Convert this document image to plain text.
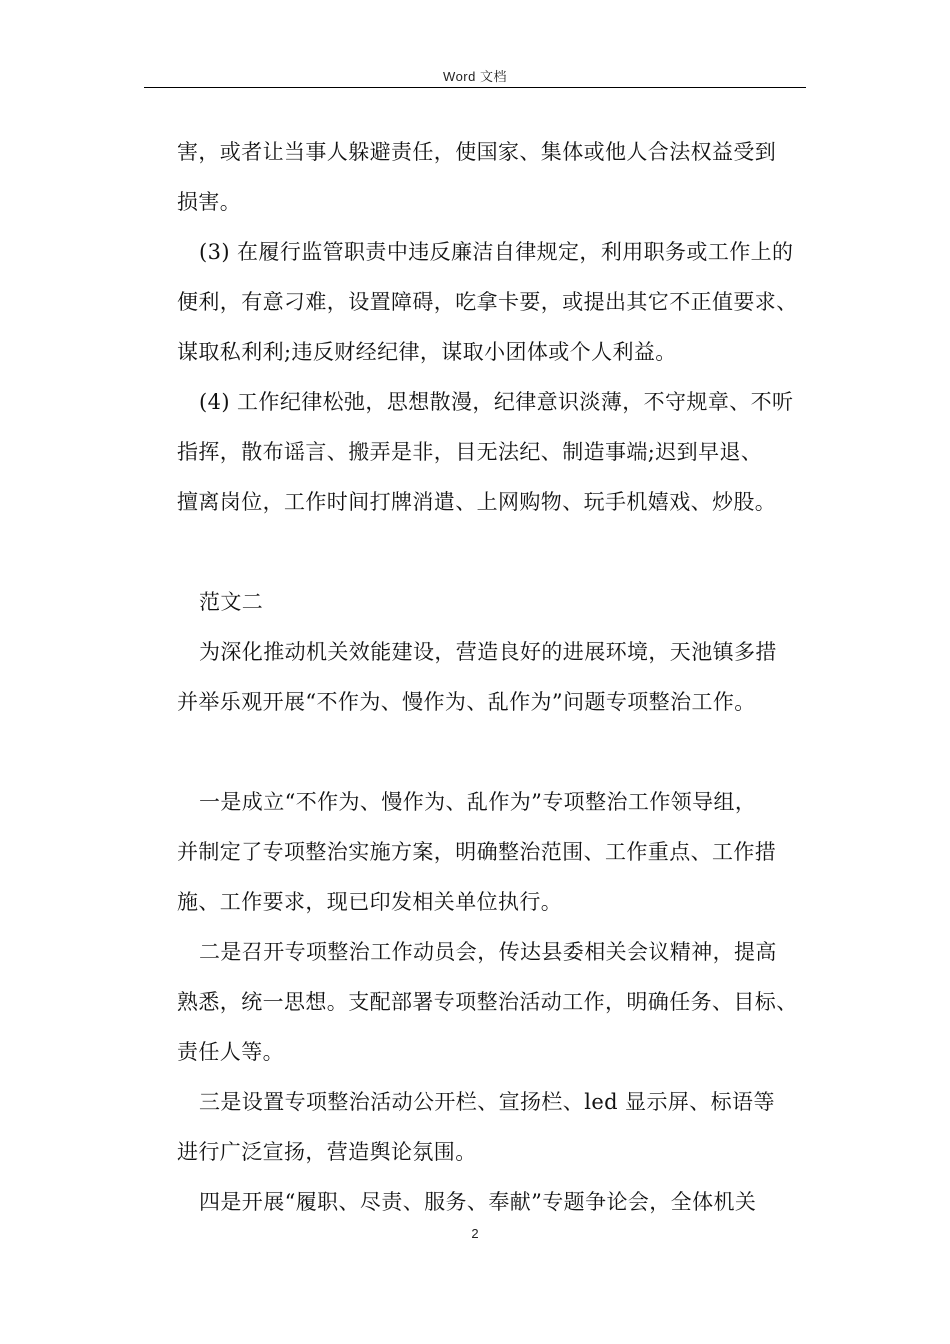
Word 文档
害，或者让当事人躲避责任，使国家、集体或他人合法权益受到
损害。
(3) 在履行监管职责中违反廉洁自律规定，利用职务或工作上的
便利，有意刁难，设置障碍，吃拿卡要，或提出其它不正值要求、
谋取私利利;违反财经纪律，谋取小团体或个人利益。
(4) 工作纪律松弛，思想散漫，纪律意识淡薄，不守规章、不听
指挥，散布谣言、搬弄是非，目无法纪、制造事端;迟到早退、
擅离岗位，工作时间打牌消遣、上网购物、玩手机嬉戏、炒股。
范文二
为深化推动机关效能建设，营造良好的进展环境，天池镇多措
并举乐观开展“不作为、慢作为、乱作为”问题专项整治工作。
一是成立“不作为、慢作为、乱作为”专项整治工作领导组，
并制定了专项整治实施方案，明确整治范围、工作重点、工作措
施、工作要求，现已印发相关单位执行。
二是召开专项整治工作动员会，传达县委相关会议精神，提高
熟悉，统一思想。支配部署专项整治活动工作，明确任务、目标、
责任人等。
三是设置专项整治活动公开栏、宣扬栏、led 显示屏、标语等
进行广泛宣扬，营造舆论氛围。
四是开展“履职、尽责、服务、奉献”专题争论会，全体机关
2
